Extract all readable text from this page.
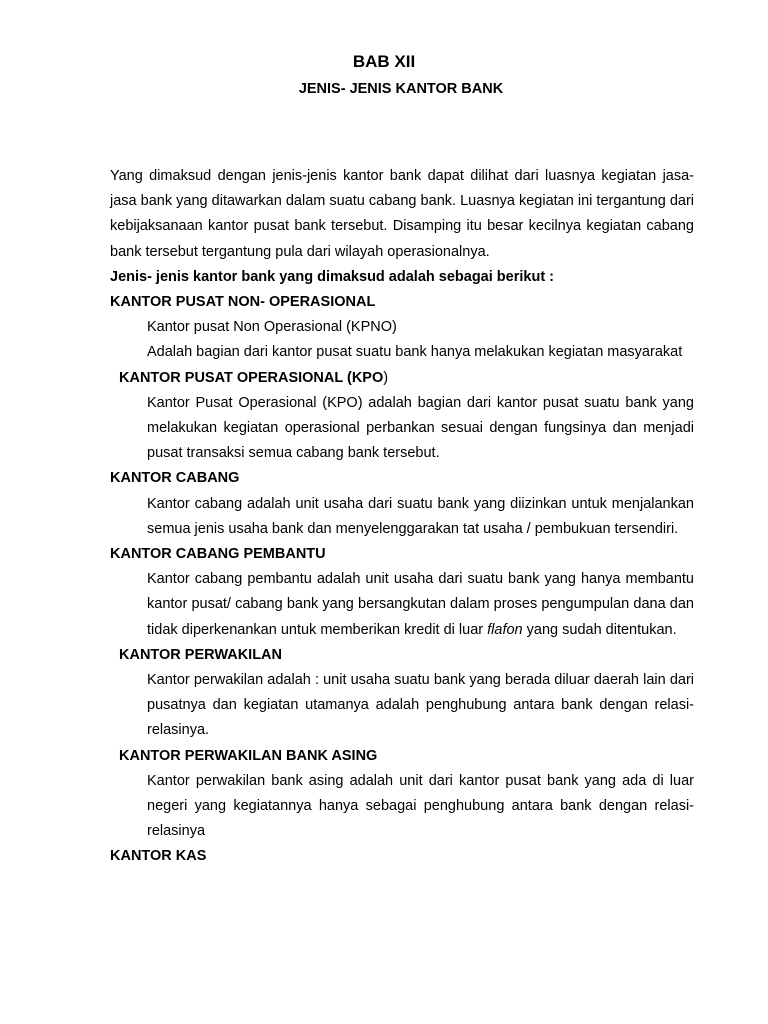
BAB XII
JENIS- JENIS KANTOR BANK

Yang dimaksud dengan jenis-jenis kantor bank dapat dilihat dari luasnya kegiatan jasa-jasa bank yang ditawarkan dalam suatu cabang bank. Luasnya kegiatan ini tergantung dari kebijaksanaan kantor pusat bank tersebut. Disamping itu besar kecilnya kegiatan cabang bank tersebut tergantung pula dari wilayah operasionalnya.

Jenis- jenis kantor bank yang dimaksud adalah sebagai berikut :

KANTOR PUSAT NON- OPERASIONAL

Kantor pusat Non Operasional (KPNO)

Adalah bagian dari kantor pusat suatu bank hanya melakukan kegiatan masyarakat

KANTOR PUSAT OPERASIONAL (KPO)

Kantor Pusat Operasional (KPO) adalah bagian dari kantor pusat suatu bank yang melakukan kegiatan operasional perbankan sesuai dengan fungsinya dan menjadi pusat transaksi semua cabang bank tersebut.

KANTOR CABANG

Kantor cabang adalah unit usaha dari suatu bank yang diizinkan untuk menjalankan semua jenis usaha bank dan menyelenggarakan tat usaha / pembukuan tersendiri.

KANTOR CABANG PEMBANTU

Kantor cabang pembantu adalah unit usaha dari suatu bank yang hanya membantu kantor pusat/ cabang bank yang bersangkutan dalam proses pengumpulan dana dan tidak diperkenankan untuk memberikan kredit di luar flafon yang sudah ditentukan.

KANTOR PERWAKILAN

Kantor perwakilan adalah : unit usaha suatu bank yang berada diluar daerah lain dari pusatnya dan kegiatan utamanya adalah penghubung antara bank dengan relasi- relasinya.

KANTOR PERWAKILAN BANK ASING

Kantor perwakilan bank asing adalah unit dari kantor pusat bank yang ada di luar negeri yang kegiatannya hanya sebagai penghubung antara bank dengan relasi-relasinya

KANTOR KAS
